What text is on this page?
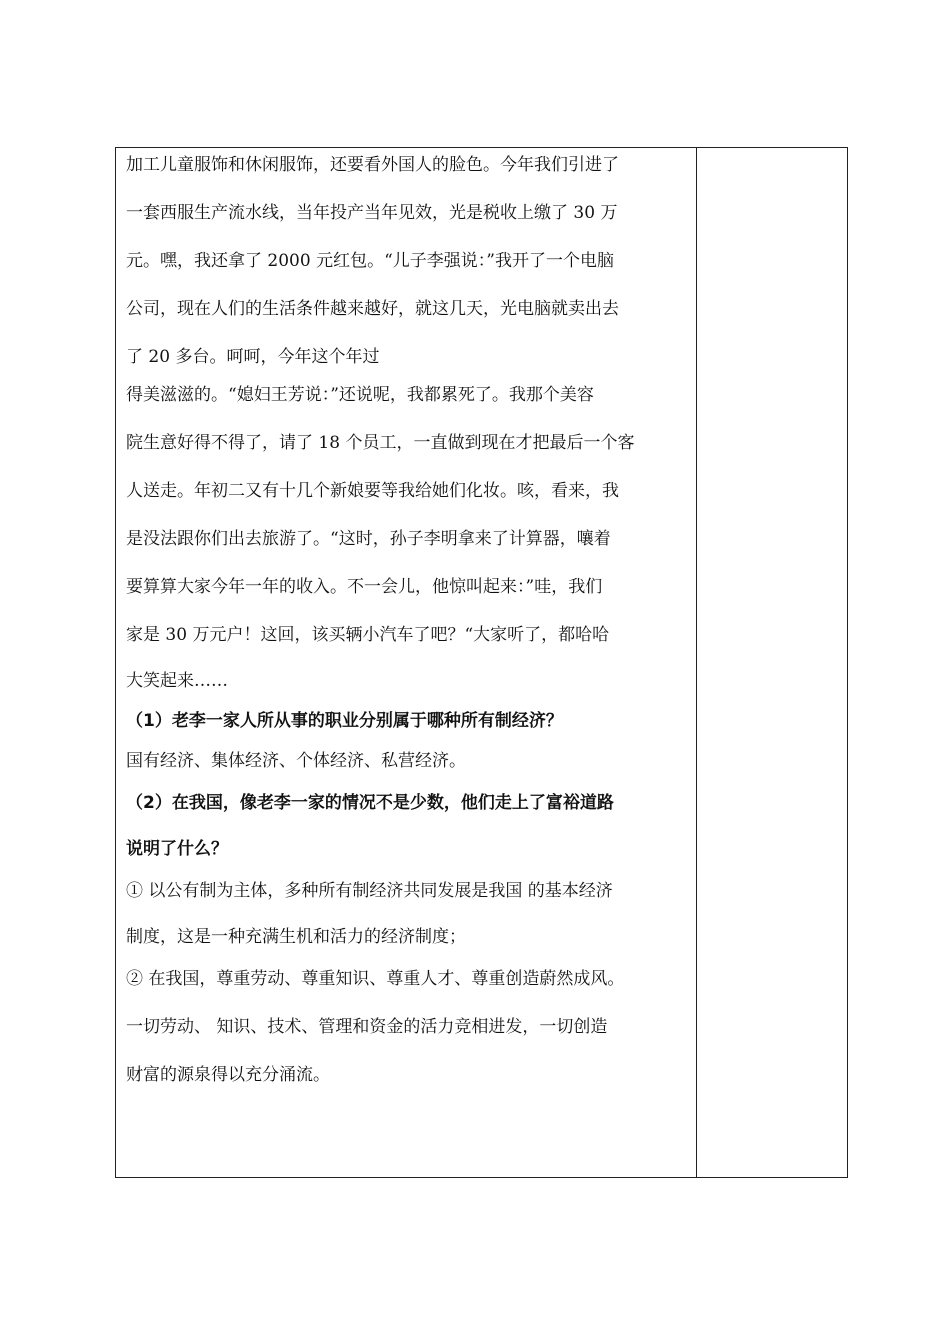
加工儿童服饰和休闲服饰，还要看外国人的脸色。今年我们引进了
一套西服生产流水线，当年投产当年见效，光是税收上缴了 30 万
元。嘿，我还拿了 2000 元红包。“儿子李强说：”我开了一个电脑
公司，现在人们的生活条件越来越好，就这几天，光电脑就卖出去
了 20 多台。呵呵，今年这个年过
得美滋滋的。“媳妇王芳说：”还说呢，我都累死了。我那个美容
院生意好得不得了，请了 18 个员工，一直做到现在才把最后一个客
人送走。年初二又有十几个新娘要等我给她们化妆。咳，看来，我
是没法跟你们出去旅游了。“这时，孙子李明拿来了计算器，嚷着
要算算大家今年一年的收入。不一会儿，他惊叫起来：”哇，我们
家是 30 万元户！这回，该买辆小汽车了吧？“大家听了，都哈哈
大笑起来……
（1）老李一家人所从事的职业分别属于哪种所有制经济？
国有经济、集体经济、个体经济、私营经济。
（2）在我国，像老李一家的情况不是少数，他们走上了富裕道路
说明了什么？
① 以公有制为主体，多种所有制经济共同发展是我国 的基本经济
制度，这是一种充满生机和活力的经济制度；
② 在我国，尊重劳动、尊重知识、尊重人才、尊重创造蔚然成风。
一切劳动、 知识、技术、管理和资金的活力竞相进发，一切创造
财富的源泉得以充分涌流。
